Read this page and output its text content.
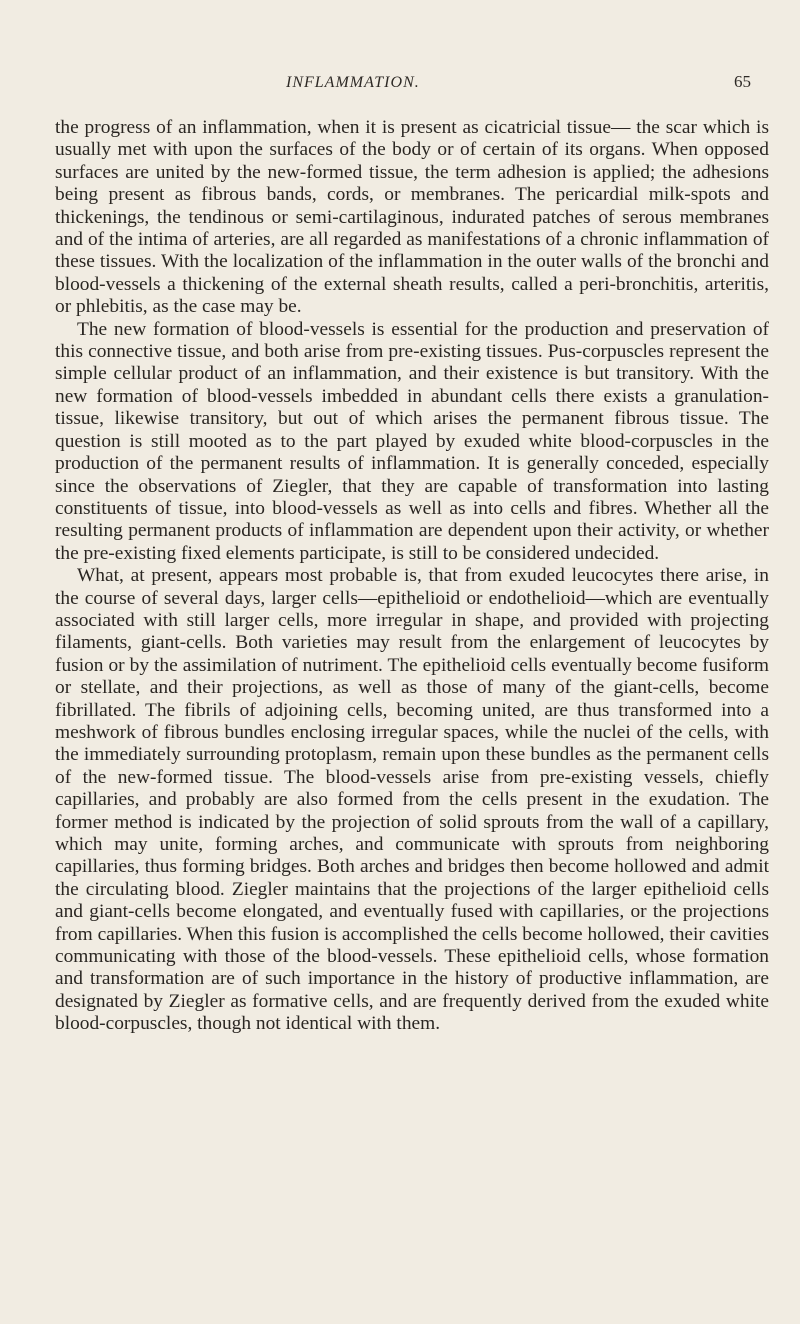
INFLAMMATION.	65

the progress of an inflammation, when it is present as cicatricial tissue— the scar which is usually met with upon the surfaces of the body or of certain of its organs. When opposed surfaces are united by the new-formed tissue, the term adhesion is applied; the adhesions being present as fibrous bands, cords, or membranes. The pericardial milk-spots and thickenings, the tendinous or semi-cartilaginous, indurated patches of serous membranes and of the intima of arteries, are all regarded as manifestations of a chronic inflammation of these tissues. With the localization of the inflammation in the outer walls of the bronchi and blood-vessels a thickening of the external sheath results, called a peri-bronchitis, arteritis, or phlebitis, as the case may be.

The new formation of blood-vessels is essential for the production and preservation of this connective tissue, and both arise from pre-existing tissues. Pus-corpuscles represent the simple cellular product of an inflammation, and their existence is but transitory. With the new formation of blood-vessels imbedded in abundant cells there exists a granulation-tissue, likewise transitory, but out of which arises the permanent fibrous tissue. The question is still mooted as to the part played by exuded white blood-corpuscles in the production of the permanent results of inflammation. It is generally conceded, especially since the observations of Ziegler, that they are capable of transformation into lasting constituents of tissue, into blood-vessels as well as into cells and fibres. Whether all the resulting permanent products of inflammation are dependent upon their activity, or whether the pre-existing fixed elements participate, is still to be considered undecided.

What, at present, appears most probable is, that from exuded leucocytes there arise, in the course of several days, larger cells—epithelioid or endothelioid—which are eventually associated with still larger cells, more irregular in shape, and provided with projecting filaments, giant-cells. Both varieties may result from the enlargement of leucocytes by fusion or by the assimilation of nutriment. The epithelioid cells eventually become fusiform or stellate, and their projections, as well as those of many of the giant-cells, become fibrillated. The fibrils of adjoining cells, becoming united, are thus transformed into a meshwork of fibrous bundles enclosing irregular spaces, while the nuclei of the cells, with the immediately surrounding protoplasm, remain upon these bundles as the permanent cells of the new-formed tissue. The blood-vessels arise from pre-existing vessels, chiefly capillaries, and probably are also formed from the cells present in the exudation. The former method is indicated by the projection of solid sprouts from the wall of a capillary, which may unite, forming arches, and communicate with sprouts from neighboring capillaries, thus forming bridges. Both arches and bridges then become hollowed and admit the circulating blood. Ziegler maintains that the projections of the larger epithelioid cells and giant-cells become elongated, and eventually fused with capillaries, or the projections from capillaries. When this fusion is accomplished the cells become hollowed, their cavities communicating with those of the blood-vessels. These epithelioid cells, whose formation and transformation are of such importance in the history of productive inflammation, are designated by Ziegler as formative cells, and are frequently derived from the exuded white blood-corpuscles, though not identical with them.
